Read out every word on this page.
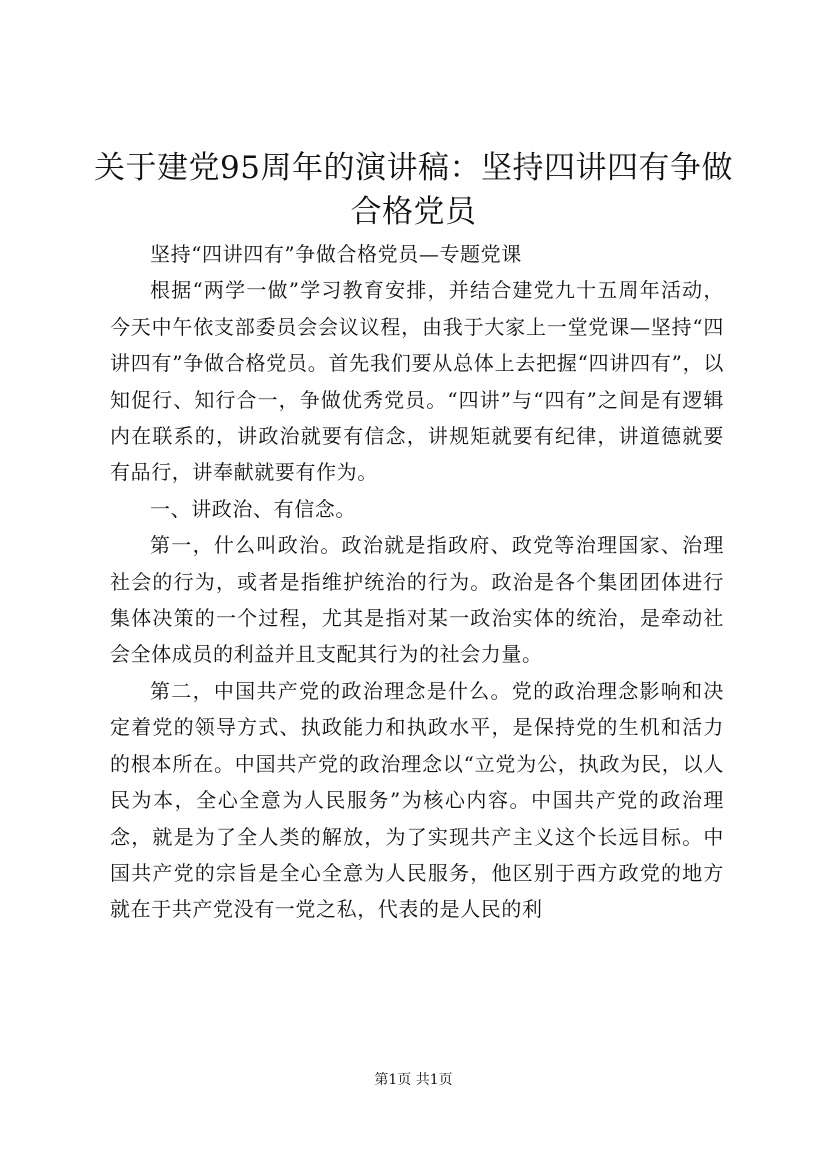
关于建党95周年的演讲稿：坚持四讲四有争做合格党员

坚持“四讲四有”争做合格党员—专题党课

根据“两学一做”学习教育安排，并结合建党九十五周年活动，今天中午依支部委员会会议议程，由我于大家上一堂党课—坚持“四讲四有”争做合格党员。首先我们要从总体上去把握“四讲四有”，以知促行、知行合一，争做优秀党员。“四讲”与“四有”之间是有逻辑内在联系的，讲政治就要有信念，讲规矩就要有纪律，讲道德就要有品行，讲奉献就要有作为。

一、讲政治、有信念。

第一，什么叫政治。政治就是指政府、政党等治理国家、治理社会的行为，或者是指维护统治的行为。政治是各个集团团体进行集体决策的一个过程，尤其是指对某一政治实体的统治，是牵动社会全体成员的利益并且支配其行为的社会力量。

第二，中国共产党的政治理念是什么。党的政治理念影响和决定着党的领导方式、执政能力和执政水平，是保持党的生机和活力的根本所在。中国共产党的政治理念以“立党为公，执政为民，以人民为本，全心全意为人民服务”为核心内容。中国共产党的政治理念，就是为了全人类的解放，为了实现共产主义这个长远目标。中国共产党的宗旨是全心全意为人民服务，他区别于西方政党的地方就在于共产党没有一党之私，代表的是人民的利

第1页 共1页
